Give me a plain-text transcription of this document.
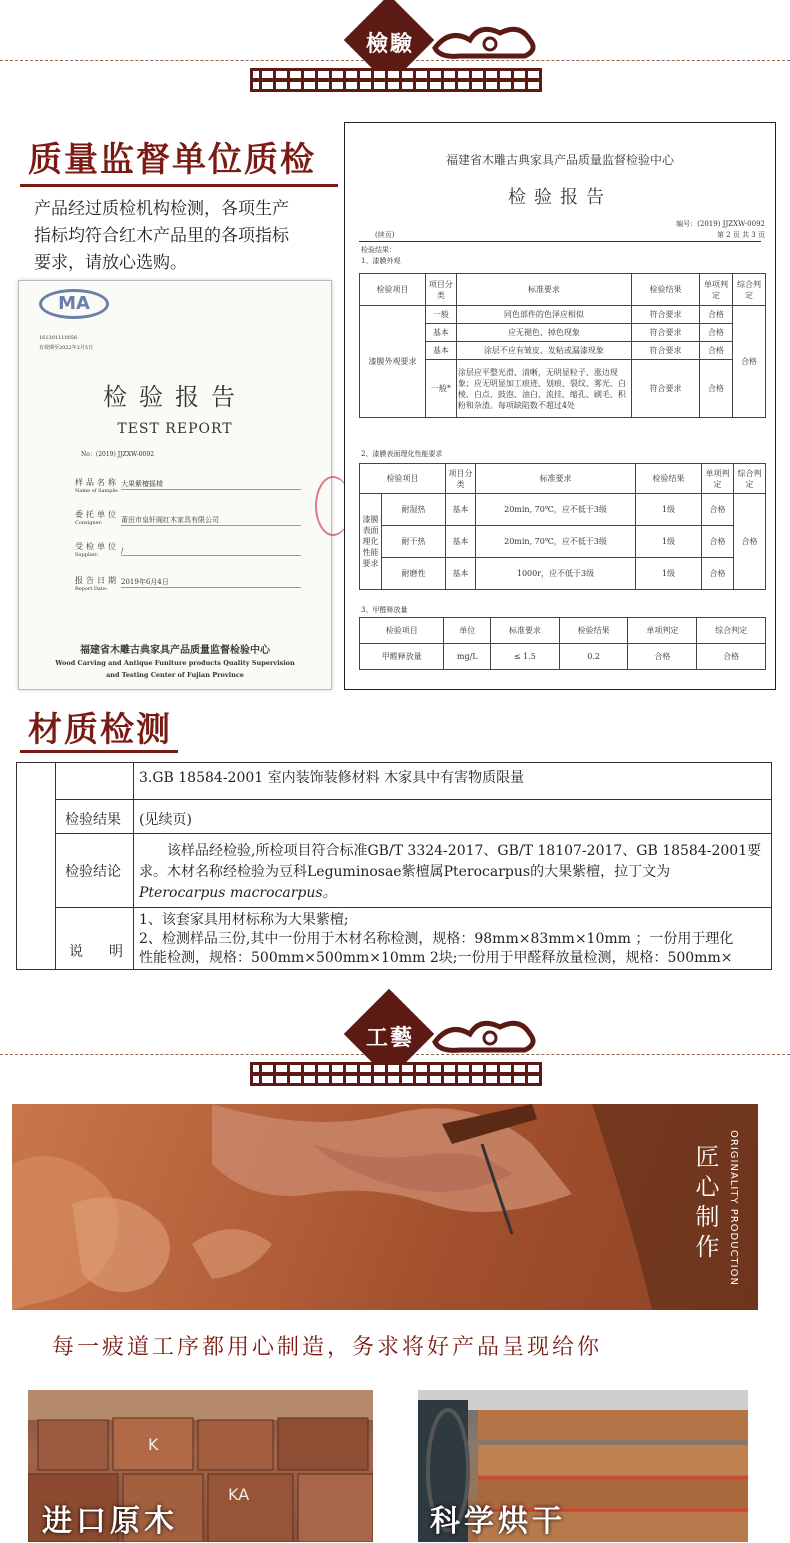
檢驗
质量监督单位质检
产品经过质检机构检测，各项生产
指标均符合红木产品里的各项指标
要求，请放心选购。
MA
161301110056
有效期至2022年2月5日
检验报告
TEST REPORT
No：(2019) JJZXW-0092
样品名称
Name of Sample:
大果紫檀摇椅
委托单位
Consigner:	莆田市皇轩阁红木家具有限公司
受检单位
Supplier:	/
报告日期
Report Date:
2019年6月4日
福建省木雕古典家具产品质量监督检验中心
Wood Carving and Antique Funiture products Quality Supervision
and Testing Center of Fujian Province
福建省木雕古典家具产品质量监督检验中心
检验报告
编号：(2019) JJZXW-0092
(续页)	第 2 页 共 3 页
检验结果：
1、漆膜外观
检验项目	项目分类	标准要求	检验结果	单项判定	综合判定
漆膜外观要求	一般	同色部件的色泽应相似	符合要求	合格	合格
	基本	应无褪色、掉色现象	符合要求	合格	
	基本	涂层不应有皱皮、发粘或漏漆现象	符合要求	合格	
	一般*	涂层应平整光滑、清晰，无明显粒子、涨边现象；应无明显加工痕迹、划痕、裂纹、雾光、白棱、白点、鼓泡、油白、流挂、缩孔、刷毛、积粉和杂渣。每项缺陷数不超过4处	符合要求	合格	
2、漆膜表面理化性能要求
检验项目		项目分类	标准要求	检验结果	单项判定	综合判定
漆膜表面理化性能要求	耐湿热	基本	20min, 70℃，应不低于3级	1级	合格	合格
	耐干热	基本	20min, 70℃，应不低于3级	1级	合格	
	耐磨性	基本	1000r，应不低于3级	1级	合格	
3、甲醛释放量
检验项目	单位	标准要求	检验结果	单项判定	综合判定
甲醛释放量	mg/L	≤ 1.5	0.2	合格	合格
材质检测
3.GB 18584-2001 室内装饰装修材料 木家具中有害物质限量
检验结果 (见续页)
检验结论
该样品经检验,所检项目符合标准GB/T 3324-2017、GB/T 18107-2017、GB 18584-2001要
求。木材名称经检验为豆科Leguminosae紫檀属Pterocarpus的大果紫檀，拉丁文为
Pterocarpus macrocarpus。
说　明
1、该套家具用材标称为大果紫檀;
2、检测样品三份,其中一份用于木材名称检测，规格：98mm×83mm×10mm ；一份用于理化
性能检测，规格：500mm×500mm×10mm 2块;一份用于甲醛释放量检测，规格：500mm×
工藝
匠心制作 ORIGINALITY PRODUCTION
每一疲道工序都用心制造，务求将好产品呈现给你
K
KA
进口原木	科学烘干
